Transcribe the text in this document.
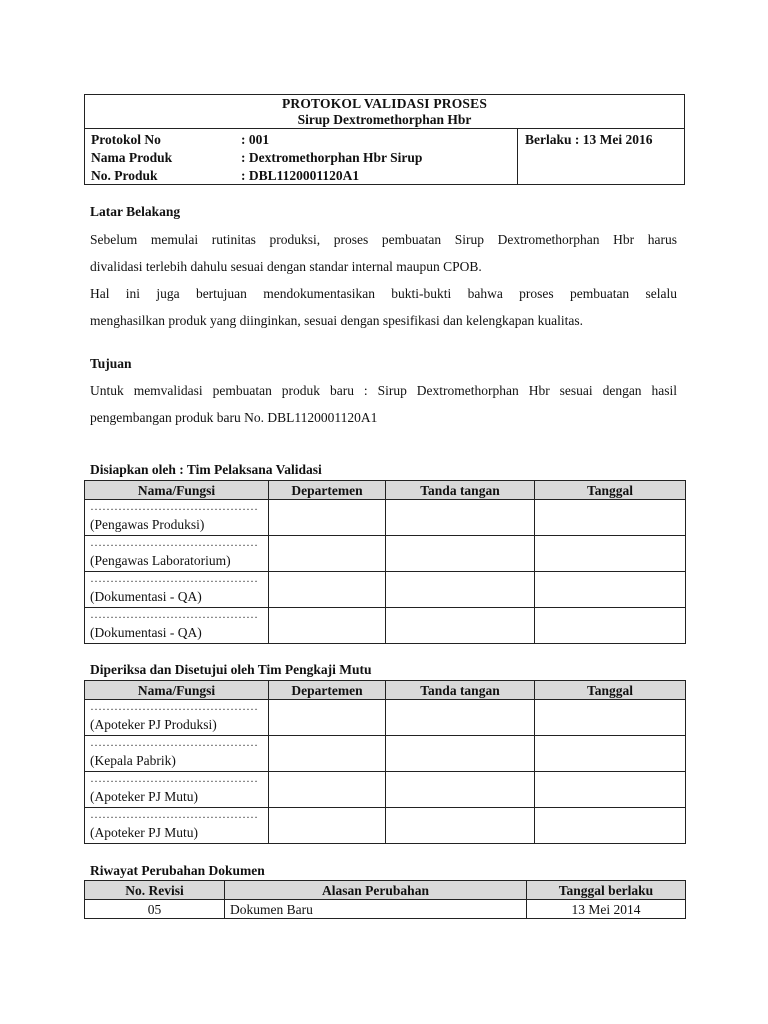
PROTOKOL VALIDASI PROSES
Sirup Dextromethorphan Hbr
Protokol No	: 001
Nama Produk	: Dextromethorphan Hbr Sirup
No. Produk	: DBL1120001120A1
Berlaku : 13 Mei 2016
Latar Belakang
Sebelum memulai rutinitas produksi, proses pembuatan Sirup Dextromethorphan Hbr harus
divalidasi terlebih dahulu sesuai dengan standar internal maupun CPOB.
Hal ini juga bertujuan mendokumentasikan bukti-bukti bahwa proses pembuatan selalu
menghasilkan produk yang diinginkan, sesuai dengan spesifikasi dan kelengkapan kualitas.
Tujuan
Untuk memvalidasi pembuatan produk baru : Sirup Dextromethorphan Hbr sesuai dengan hasil
pengembangan produk baru No. DBL1120001120A1
Disiapkan oleh : Tim Pelaksana Validasi
Nama/Fungsi	Departemen	Tanda tangan	Tanggal

……………………………………
(Pengawas Produksi)			

……………………………………
(Pengawas Laboratorium)			

……………………………………
(Dokumentasi - QA)			

……………………………………
(Dokumentasi - QA)			

Diperiksa dan Disetujui oleh Tim Pengkaji Mutu
Nama/Fungsi	Departemen	Tanda tangan	Tanggal

……………………………………
(Apoteker PJ Produksi)			

……………………………………
(Kepala Pabrik)			

……………………………………
(Apoteker PJ Mutu)			

……………………………………
(Apoteker PJ Mutu)			

Riwayat Perubahan Dokumen
No. Revisi	Alasan Perubahan	Tanggal berlaku
05	Dokumen Baru	13 Mei 2014
